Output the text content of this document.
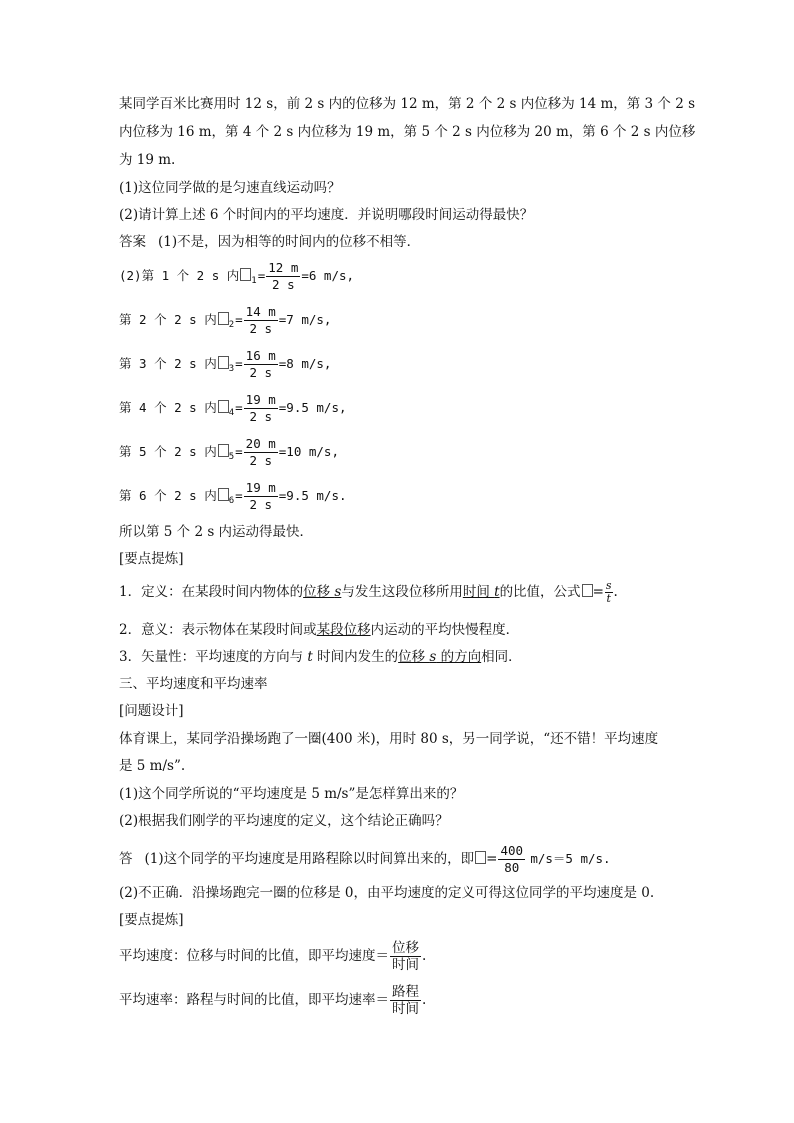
某同学百米比赛用时 12 s，前 2 s 内的位移为 12 m，第 2 个 2 s 内位移为 14 m，第 3 个 2 s
内位移为 16 m，第 4 个 2 s 内位移为 19 m，第 5 个 2 s 内位移为 20 m，第 6 个 2 s 内位移
为 19 m.
(1)这位同学做的是匀速直线运动吗？
(2)请计算上述 6 个时间内的平均速度．并说明哪段时间运动得最快？
答案 (1)不是，因为相等的时间内的位移不相等．
(2)第 1 个 2 s 内 $_1= \frac{12 m}{2 s} =6$ m/s,
第 2 个 2 s 内 $_2= \frac{14 m}{2 s} =7$ m/s,
第 3 个 2 s 内 $_3= \frac{16 m}{2 s} =8$ m/s,
第 4 个 2 s 内 $_4= \frac{19 m}{2 s} =9.5$ m/s,
第 5 个 2 s 内 $_5= \frac{20 m}{2 s} =10$ m/s,
第 6 个 2 s 内 $_6= \frac{19 m}{2 s} =9.5$ m/s.
所以第 5 个 2 s 内运动得最快．
[要点提炼]
1．定义：在某段时间内物体的位移 s与发生这段位移所用时间 t的比值，公式 = $\frac{s}{t}$ .
2．意义：表示物体在某段时间或某段位移内运动的平均快慢程度．
3．矢量性：平均速度的方向与 t 时间内发生的位移 s 的方向相同．
三、平均速度和平均速率
[问题设计]
体育课上，某同学沿操场跑了一圈(400 米)，用时 80 s，另一同学说，“还不错！平均速度
是 5 m/s”.
(1)这个同学所说的“平均速度是 5 m/s”是怎样算出来的？
(2)根据我们刚学的平均速度的定义，这个结论正确吗？
答 (1)这个同学的平均速度是用路程除以时间算出来的，即 = $\frac{400}{80} m/s=5$ m/s.
(2)不正确．沿操场跑完一圈的位移是 0，由平均速度的定义可得这位同学的平均速度是 0.
[要点提炼]
平均速度：位移与时间的比值，即平均速度＝ $\frac{\text{位移}}{\text{时间}}$ .
平均速率：路程与时间的比值，即平均速率＝ $\frac{\text{路程}}{\text{时间}}$ .
